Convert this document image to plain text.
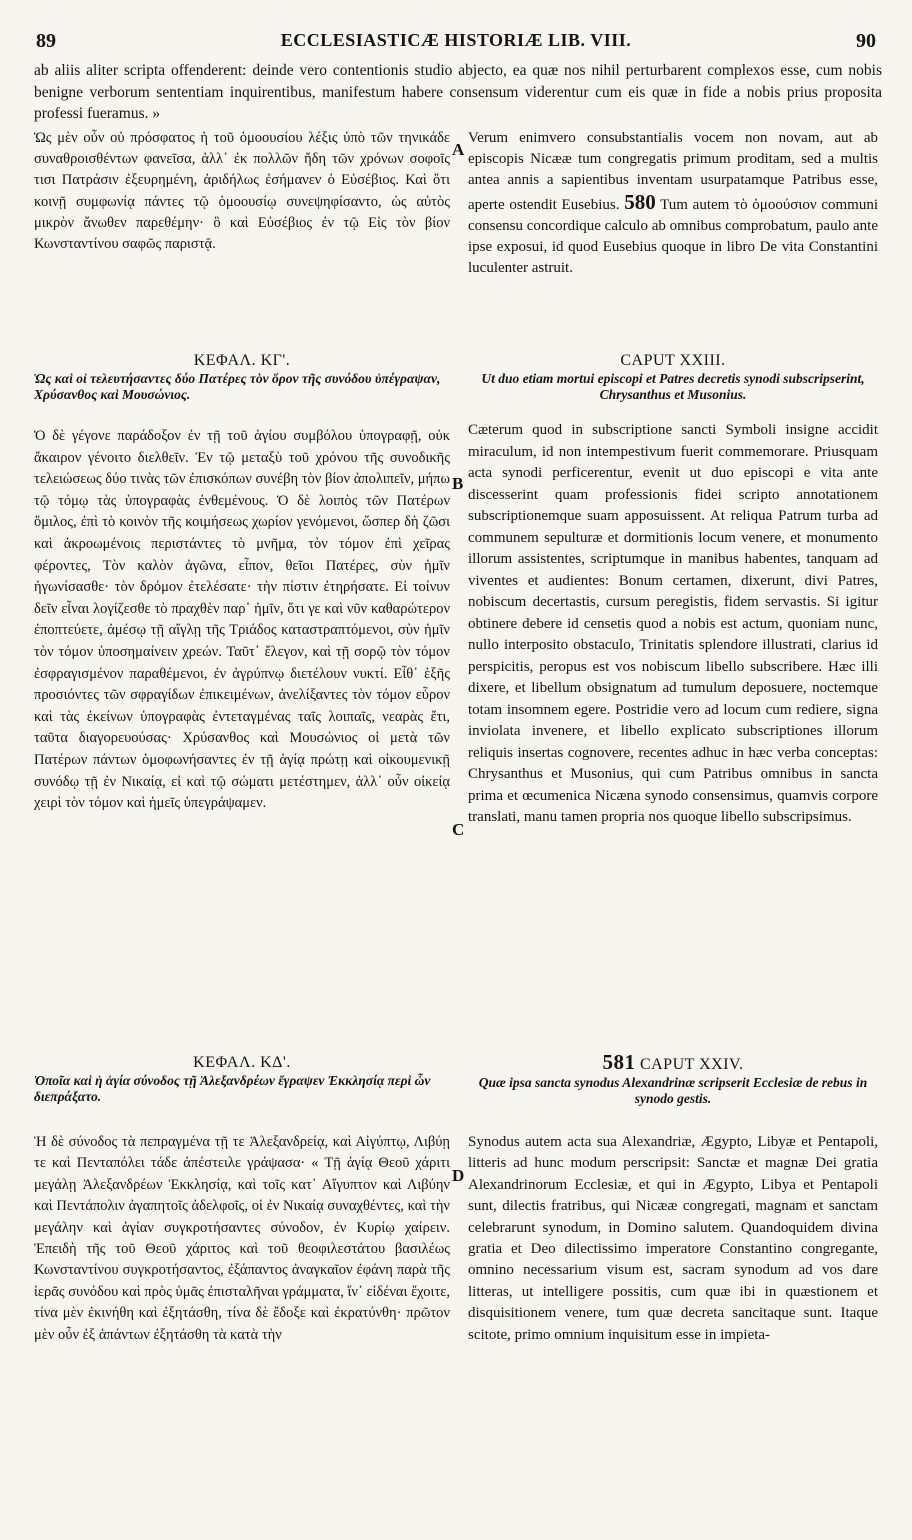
89	ECCLESIASTICÆ HISTORIÆ LIB. VIII.	90
ab aliis aliter scripta offenderent: deinde vero contentionis studio abjecto, ea quæ nos nihil perturbarent complexos esse, cum nobis benigne verborum sententiam inquirentibus, manifestum habere consensum viderentur cum eis quæ in fide a nobis prius proposita professi fueramus. »

Ὡς μὲν οὖν οὐ πρόσφατος ἡ τοῦ ὁμοουσίου λέξις ὑπὸ τῶν τηνικάδε συναθροισθέντων φανεῖσα, ἀλλ᾽ ἐκ πολλῶν ἤδη τῶν χρόνων σοφοῖς τισι Πατράσιν ἐξευρημένη, ἀριδήλως ἐσήμανεν ὁ Εὐσέβιος. Καὶ ὅτι κοινῇ συμφωνίᾳ πάντες τῷ ὁμοουσίῳ συνεψηφίσαντο, ὡς αὐτὸς μικρὸν ἄνωθεν παρεθέμην· ὃ καὶ Εὐσέβιος ἐν τῷ Εἰς τὸν βίον Κωνσταντίνου σαφῶς παριστᾷ.

ΚΕΦΑΛ. ΚΓ'.

Ὡς καὶ οἱ τελευτήσαντες δύο Πατέρες τὸν ὅρον τῆς συνόδου ὑπέγραψαν, Χρύσανθος καὶ Μουσώνιος.

Ὁ δὲ γέγονε παράδοξον ἐν τῇ τοῦ ἁγίου συμβόλου ὑπογραφῇ, οὐκ ἄκαιρον γένοιτο διελθεῖν. Ἐν τῷ μεταξὺ τοῦ χρόνου τῆς συνοδικῆς τελειώσεως δύο τινὰς τῶν ἐπισκόπων συνέβη τὸν βίον ἀπολιπεῖν, μήπω τῷ τόμῳ τὰς ὑπογραφὰς ἐνθεμένους. Ὁ δὲ λοιπὸς τῶν Πατέρων ὅμιλος, ἐπὶ τὸ κοινὸν τῆς κοιμήσεως χωρίον γενόμενοι, ὥσπερ δὴ ζῶσι καὶ ἀκροωμένοις περιστάντες τὸ μνῆμα, τὸν τόμον ἐπὶ χεῖρας φέροντες, Τὸν καλὸν ἀγῶνα, εἶπον, θεῖοι Πατέρες, σὺν ἡμῖν ἠγωνίσασθε· τὸν δρόμον ἐτελέσατε· τὴν πίστιν ἐτηρήσατε. Εἰ τοίνυν δεῖν εἶναι λογίζεσθε τὸ πραχθὲν παρ᾽ ἡμῖν, ὅτι γε καὶ νῦν καθαρώτερον ἐποπτεύετε, ἀμέσῳ τῇ αἴγλῃ τῆς Τριάδος καταστραπτόμενοι, σὺν ἡμῖν τὸν τόμον ὑποσημαίνειν χρεών. Ταῦτ᾽ ἔλεγον, καὶ τῇ σορῷ τὸν τόμον ἐσφραγισμένον παραθέμενοι, ἐν ἀγρύπνῳ διετέλουν νυκτί. Εἶθ᾽ ἑξῆς προσιόντες τῶν σφραγίδων ἐπικειμένων, ἀνελίξαντες τὸν τόμον εὗρον καὶ τὰς ἐκείνων ὑπογραφὰς ἐντεταγμένας ταῖς λοιπαῖς, νεαρὰς ἔτι, ταῦτα διαγορευούσας· Χρύσανθος καὶ Μουσώνιος οἱ μετὰ τῶν Πατέρων πάντων ὁμοφωνήσαντες ἐν τῇ ἁγίᾳ πρώτῃ καὶ οἰκουμενικῇ συνόδῳ τῇ ἐν Νικαίᾳ, εἰ καὶ τῷ σώματι μετέστημεν, ἀλλ᾽ οὖν οἰκείᾳ χειρὶ τὸν τόμον καὶ ἡμεῖς ὑπεγράψαμεν.

ΚΕΦΑΛ. ΚΔ'.

Ὁποῖα καὶ ἡ ἁγία σύνοδος τῇ Ἀλεξανδρέων ἔγραψεν Ἐκκλησίᾳ περὶ ὧν διεπράξατο.

Ἡ δὲ σύνοδος τὰ πεπραγμένα τῇ τε Ἀλεξανδρείᾳ, καὶ Αἰγύπτῳ, Λιβύῃ τε καὶ Πενταπόλει τάδε ἀπέστειλε γράψασα· « Τῇ ἁγίᾳ Θεοῦ χάριτι μεγάλῃ Ἀλεξανδρέων Ἐκκλησίᾳ, καὶ τοῖς κατ᾽ Αἴγυπτον καὶ Λιβύην καὶ Πεντάπολιν ἀγαπητοῖς ἀδελφοῖς, οἱ ἐν Νικαίᾳ συναχθέντες, καὶ τὴν μεγάλην καὶ ἁγίαν συγκροτήσαντες σύνοδον, ἐν Κυρίῳ χαίρειν. Ἐπειδὴ τῆς τοῦ Θεοῦ χάριτος καὶ τοῦ θεοφιλεστάτου βασιλέως Κωνσταντίνου συγκροτήσαντος, ἐξάπαντος ἀναγκαῖον ἐφάνη παρὰ τῆς ἱερᾶς συνόδου καὶ πρὸς ὑμᾶς ἐπισταλῆναι γράμματα, ἵν᾽ εἰδέναι ἔχοιτε, τίνα μὲν ἐκινήθη καὶ ἐξητάσθη, τίνα δὲ ἔδοξε καὶ ἐκρατύνθη· πρῶτον μὲν οὖν ἐξ ἁπάντων ἐξητάσθη τὰ κατὰ τὴν

A
B
C
D

Verum enimvero consubstantialis vocem non novam, aut ab episcopis Nicææ tum congregatis primum proditam, sed a multis antea annis a sapientibus inventam usurpatamque Patribus esse, aperte ostendit Eusebius. 580 Tum autem τὸ ὁμοούσιον communi consensu concordique calculo ab omnibus comprobatum, paulo ante ipse exposui, id quod Eusebius quoque in libro De vita Constantini luculenter astruit.

CAPUT XXIII.

Ut duo etiam mortui episcopi et Patres decretis synodi subscripserint, Chrysanthus et Musonius.

Cæterum quod in subscriptione sancti Symboli insigne accidit miraculum, id non intempestivum fuerit commemorare. Priusquam acta synodi perficerentur, evenit ut duo episcopi e vita ante discesserint quam professionis fidei scripto annotationem subscriptionemque suam apposuissent. At reliqua Patrum turba ad communem sepulturæ et dormitionis locum venere, et monumento illorum assistentes, scriptumque in manibus habentes, tanquam ad viventes et audientes: Bonum certamen, dixerunt, divi Patres, nobiscum decertastis, cursum peregistis, fidem servastis. Si igitur obtinere debere id censetis quod a nobis est actum, quoniam nunc, nullo interposito obstaculo, Trinitatis splendore illustrati, clarius id perspicitis, peropus est vos nobiscum libello subscribere. Hæc illi dixere, et libellum obsignatum ad tumulum deposuere, noctemque totam insomnem egere. Postridie vero ad locum cum rediere, signa inviolata invenere, et libello explicato subscriptiones illorum reliquis insertas cognovere, recentes adhuc in hæc verba conceptas: Chrysanthus et Musonius, qui cum Patribus omnibus in sancta prima et œcumenica Nicæna synodo consensimus, quamvis corpore translati, manu tamen propria nos quoque libello subscripsimus.

581 CAPUT XXIV.

Quæ ipsa sancta synodus Alexandrinæ scripserit Ecclesiæ de rebus in synodo gestis.

Synodus autem acta sua Alexandriæ, Ægypto, Libyæ et Pentapoli, litteris ad hunc modum perscripsit: Sanctæ et magnæ Dei gratia Alexandrinorum Ecclesiæ, et qui in Ægypto, Libya et Pentapoli sunt, dilectis fratribus, qui Nicææ congregati, magnam et sanctam celebrarunt synodum, in Domino salutem. Quandoquidem divina gratia et Deo dilectissimo imperatore Constantino congregante, omnino necessarium visum est, sacram synodum ad vos dare litteras, ut intelligere possitis, cum quæ ibi in quæstionem et disquisitionem venere, tum quæ decreta sancitaque sunt. Itaque scitote, primo omnium inquisitum esse in impieta-
